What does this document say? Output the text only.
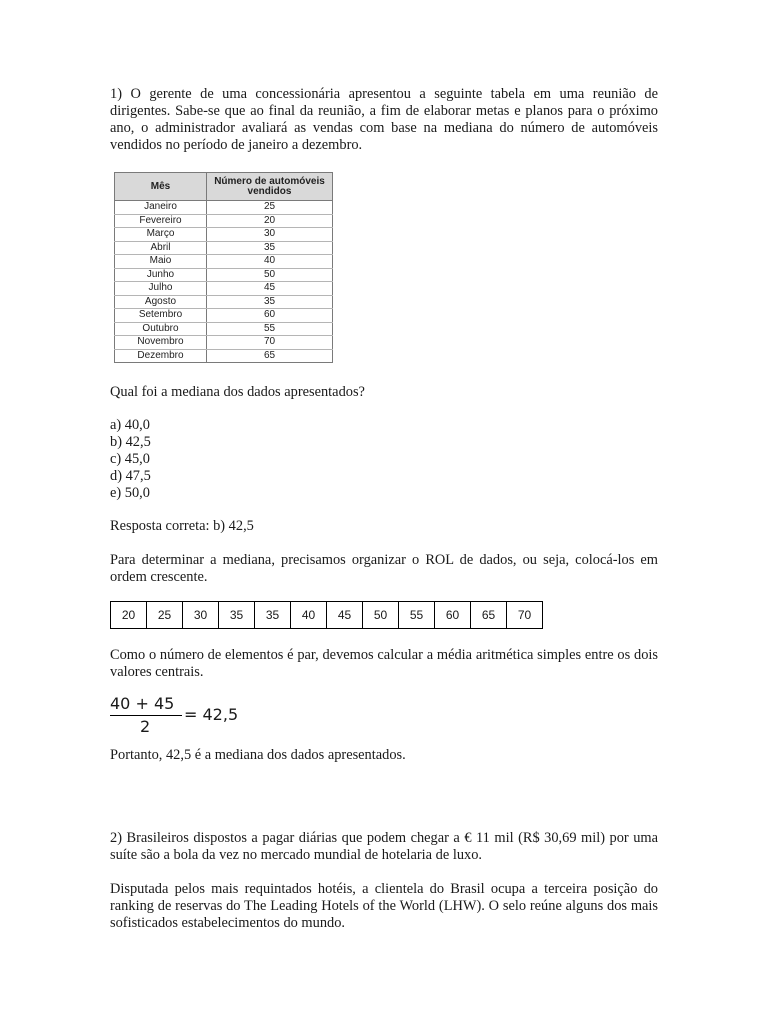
1) O gerente de uma concessionária apresentou a seguinte tabela em uma reunião de dirigentes. Sabe-se que ao final da reunião, a fim de elaborar metas e planos para o próximo ano, o administrador avaliará as vendas com base na mediana do número de automóveis vendidos no período de janeiro a dezembro.

Mês	Número de automóveis vendidos
Janeiro	25
Fevereiro	20
Março	30
Abril	35
Maio	40
Junho	50
Julho	45
Agosto	35
Setembro	60
Outubro	55
Novembro	70
Dezembro	65

Qual foi a mediana dos dados apresentados?

a) 40,0

b) 42,5

c) 45,0

d) 47,5

e) 50,0

Resposta correta: b) 42,5

Para determinar a mediana, precisamos organizar o ROL de dados, ou seja, colocá-los em ordem crescente.

20	25	30	35	35	40	45	50	55	60	65	70

Como o número de elementos é par, devemos calcular a média aritmética simples entre os dois valores centrais.

40 + 45
2
= 42,5

Portanto, 42,5 é a mediana dos dados apresentados.

2) Brasileiros dispostos a pagar diárias que podem chegar a € 11 mil (R$ 30,69 mil) por uma suíte são a bola da vez no mercado mundial de hotelaria de luxo.

Disputada pelos mais requintados hotéis, a clientela do Brasil ocupa a terceira posição do ranking de reservas do The Leading Hotels of the World (LHW). O selo reúne alguns dos mais sofisticados estabelecimentos do mundo.
